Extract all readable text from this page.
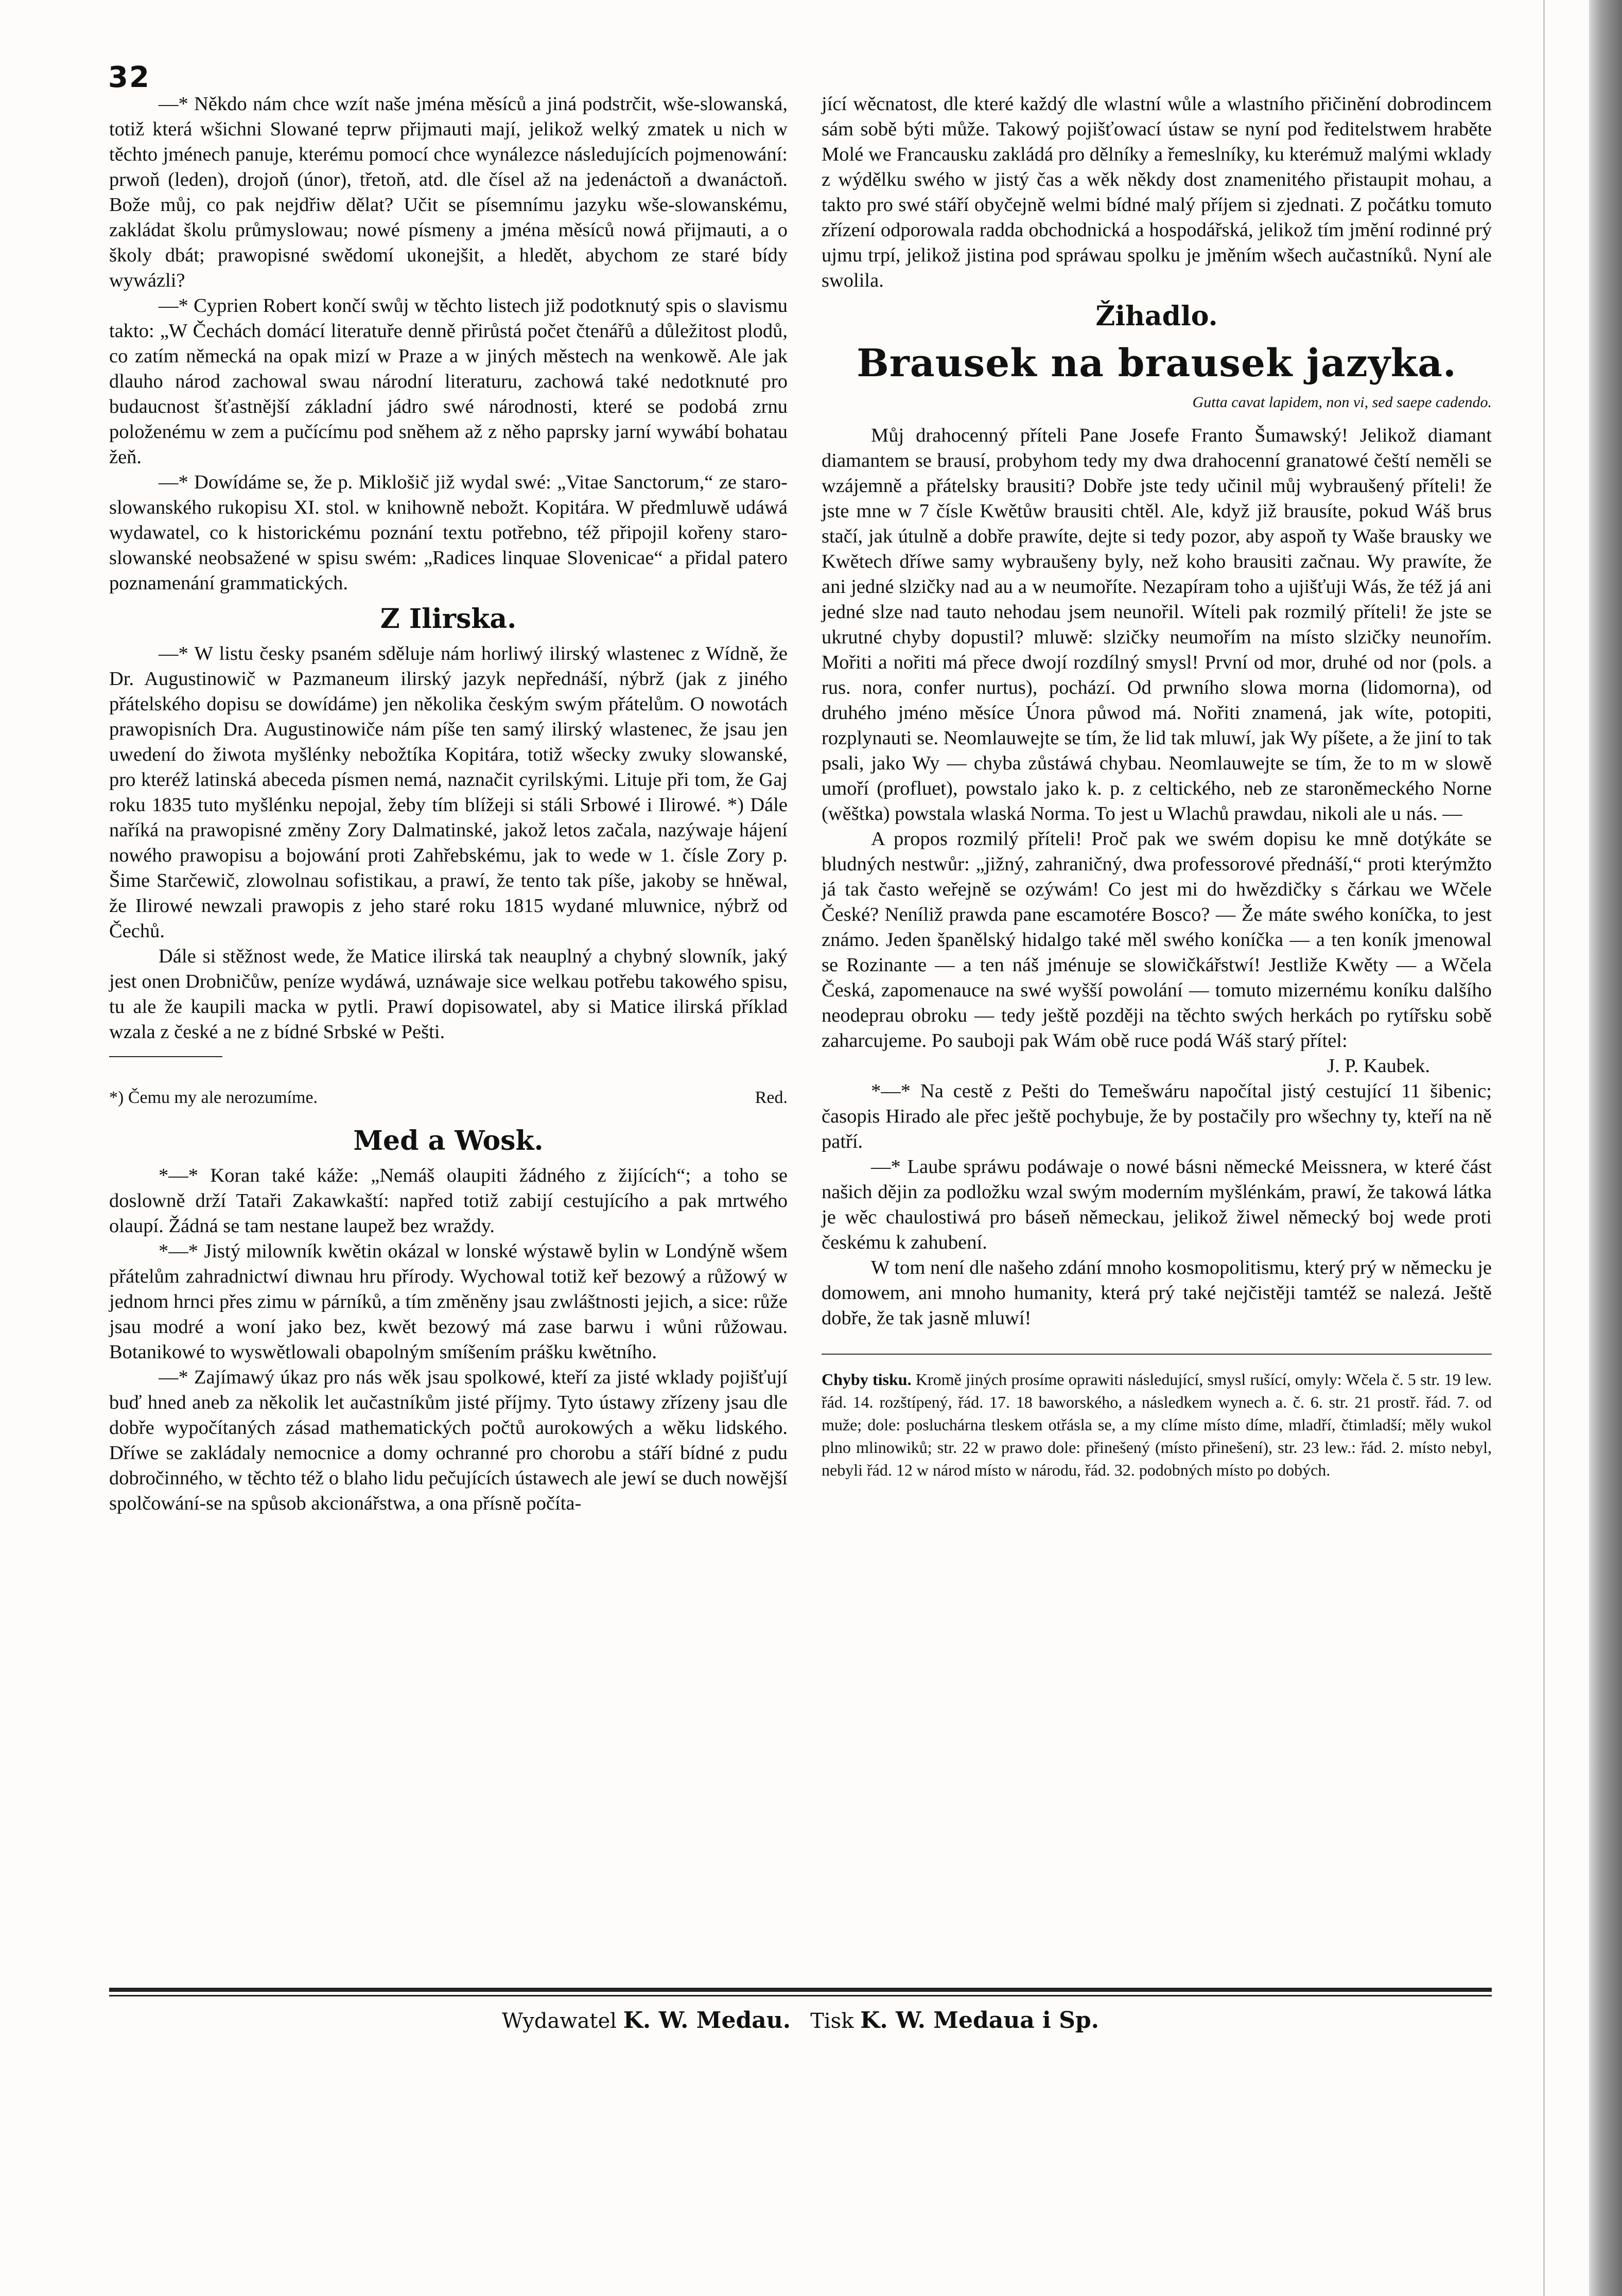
32

—* Někdo nám chce wzít naše jména měsíců a jiná podstrčit, wše-slowanská, totiž která wšichni Slowané teprw přijmauti mají, jelikož welký zmatek u nich w těchto jménech panuje, kterému pomocí chce wynálezce následujících pojmenowání: prwoň (leden), drojoň (únor), třetoň, atd. dle čísel až na jedenáctoň a dwanáctoň. Bože můj, co pak nejdřiw dělat? Učit se písemnímu jazyku wše-slowanskému, zakládat školu průmyslowau; nowé písmeny a jména měsíců nowá přijmauti, a o školy dbát; prawopisné swědomí ukonejšit, a hledět, abychom ze staré bídy wywázli?

—* Cyprien Robert končí swůj w těchto listech již podotknutý spis o slavismu takto: „W Čechách domácí literatuře denně přirůstá počet čtenářů a důležitost plodů, co zatím německá na opak mizí w Praze a w jiných městech na wenkowě. Ale jak dlauho národ zachowal swau národní literaturu, zachowá také nedotknuté pro budaucnost šťastnější základní jádro swé národnosti, které se podobá zrnu položenému w zem a pučícímu pod sněhem až z něho paprsky jarní wywábí bohatau žeň.

—* Dowídáme se, že p. Miklošič již wydal swé: „Vitae Sanctorum,“ ze staro-slowanského rukopisu XI. stol. w knihowně nebožt. Kopitára. W předmluwě udáwá wydawatel, co k historickému poznání textu potřebno, též připojil kořeny staro-slowanské neobsažené w spisu swém: „Radices linquae Slovenicae“ a přidal patero poznamenání grammatických.

Z Ilirska.

—* W listu česky psaném sděluje nám horliwý ilirský wlastenec z Wídně, že Dr. Augustinowič w Pazmaneum ilirský jazyk nepřednáší, nýbrž (jak z jiného přátelského dopisu se dowídáme) jen několika českým swým přátelům. O nowotách prawopisních Dra. Augustinowiče nám píše ten samý ilirský wlastenec, že jsau jen uwedení do žiwota myšlénky nebožtíka Kopitára, totiž wšecky zwuky slowanské, pro kteréž latinská abeceda písmen nemá, naznačit cyrilskými. Lituje při tom, že Gaj roku 1835 tuto myšlénku nepojal, žeby tím blížeji si stáli Srbowé i Ilirowé. *) Dále naříká na prawopisné změny Zory Dalmatinské, jakož letos začala, nazýwaje hájení nowého prawopisu a bojowání proti Zahřebskému, jak to wede w 1. čísle Zory p. Šime Starčewič, zlowolnau sofistikau, a prawí, že tento tak píše, jakoby se hněwal, že Ilirowé newzali prawopis z jeho staré roku 1815 wydané mluwnice, nýbrž od Čechů.

Dále si stěžnost wede, že Matice ilirská tak neauplný a chybný slowník, jaký jest onen Drobničůw, peníze wydáwá, uznáwaje sice welkau potřebu takowého spisu, tu ale že kaupili macka w pytli. Prawí dopisowatel, aby si Matice ilirská příklad wzala z české a ne z bídné Srbské w Pešti.

*) Čemu my ale nerozumíme.	Red.
Med a Wosk.

*—* Koran také káže: „Nemáš olaupiti žádného z žijících“; a toho se doslowně drží Tataři Zakawkaští: napřed totiž zabijí cestujícího a pak mrtwého olaupí. Žádná se tam nestane laupež bez wraždy.

*—* Jistý milowník kwětin okázal w lonské wýstawě bylin w Londýně wšem přátelům zahradnictwí diwnau hru přírody. Wychowal totiž keř bezowý a růžowý w jednom hrnci přes zimu w párníků, a tím změněny jsau zwláštnosti jejich, a sice: růže jsau modré a woní jako bez, kwět bezowý má zase barwu i wůni růžowau. Botanikowé to wyswětlowali obapolným smíšením prášku kwětního.

—* Zajímawý úkaz pro nás wěk jsau spolkowé, kteří za jisté wklady pojišťují buď hned aneb za několik let aučastníkům jisté příjmy. Tyto ústawy zřízeny jsau dle dobře wypočítaných zásad mathematických počtů aurokowých a wěku lidského. Dříwe se zakládaly nemocnice a domy ochranné pro chorobu a stáří bídné z pudu dobročinného, w těchto též o blaho lidu pečujících ústawech ale jewí se duch nowější spolčowání-se na spůsob akcionářstwa, a ona přísně počíta-

jící wěcnatost, dle které každý dle wlastní wůle a wlastního přičinění dobrodincem sám sobě býti může. Takowý pojišťowací ústaw se nyní pod ředitelstwem hraběte Molé we Francausku zakládá pro dělníky a řemeslníky, ku kterémuž malými wklady z wýdělku swého w jistý čas a wěk někdy dost znamenitého přistaupit mohau, a takto pro swé stáří obyčejně welmi bídné malý příjem si zjednati. Z počátku tomuto zřízení odporowala radda obchodnická a hospodářská, jelikož tím jmění rodinné prý ujmu trpí, jelikož jistina pod spráwau spolku je jměním wšech aučastníků. Nyní ale swolila.

Žihadlo.
Brausek na brausek jazyka.
Gutta cavat lapidem, non vi, sed saepe cadendo.

Můj drahocenný příteli Pane Josefe Franto Šumawský! Jelikož diamant diamantem se brausí, probyhom tedy my dwa drahocenní granatowé čeští neměli se wzájemně a přátelsky brausiti? Dobře jste tedy učinil můj wybraušený příteli! že jste mne w 7 čísle Kwětůw brausiti chtěl. Ale, když již brausíte, pokud Wáš brus stačí, jak útulně a dobře prawíte, dejte si tedy pozor, aby aspoň ty Waše brausky we Kwětech dříwe samy wybraušeny byly, než koho brausiti začnau. Wy prawíte, že ani jedné slzičky nad au a w neumoříte. Nezapíram toho a ujišťuji Wás, že též já ani jedné slze nad tauto nehodau jsem neunořil. Wíteli pak rozmilý příteli! že jste se ukrutné chyby dopustil? mluwě: slzičky neumořím na místo slzičky neunořím. Mořiti a nořiti má přece dwojí rozdílný smysl! První od mor, druhé od nor (pols. a rus. nora, confer nurtus), pochází. Od prwního slowa morna (lidomorna), od druhého jméno měsíce Února půwod má. Nořiti znamená, jak wíte, potopiti, rozplynauti se. Neomlauwejte se tím, že lid tak mluwí, jak Wy píšete, a že jiní to tak psali, jako Wy — chyba zůstáwá chybau. Neomlauwejte se tím, že to m w slowě umoří (profluet), powstalo jako k. p. z celtického, neb ze staroněmeckého Norne (wěštka) powstala wlaská Norma. To jest u Wlachů prawdau, nikoli ale u nás. —

A propos rozmilý příteli! Proč pak we swém dopisu ke mně dotýkáte se bludných nestwůr: „jižný, zahraničný, dwa professorové přednáší,“ proti kterýmžto já tak často weřejně se ozýwám! Co jest mi do hwězdičky s čárkau we Wčele České? Neníliž prawda pane escamotére Bosco? — Že máte swého koníčka, to jest známo. Jeden španělský hidalgo také měl swého koníčka — a ten koník jmenowal se Rozinante — a ten náš jménuje se slowičkářstwí! Jestliže Kwěty — a Wčela Česká, zapomenauce na swé wyšší powolání — tomuto mizernému koníku dalšího neodeprau obroku — tedy ještě později na těchto swých herkách po rytířsku sobě zaharcujeme. Po sauboji pak Wám obě ruce podá Wáš starý přítel:

J. P. Kaubek.

*—* Na cestě z Pešti do Temešwáru napočítal jistý cestující 11 šibenic; časopis Hirado ale přec ještě pochybuje, že by postačily pro wšechny ty, kteří na ně patří.

—* Laube spráwu podáwaje o nowé básni německé Meissnera, w které část našich dějin za podložku wzal swým moderním myšlénkám, prawí, že takowá látka je wěc chaulostiwá pro báseň německau, jelikož žiwel německý boj wede proti českému k zahubení.

W tom není dle našeho zdání mnoho kosmopolitismu, který prý w německu je domowem, ani mnoho humanity, která prý také nejčistěji tamtéž se nalezá. Ještě dobře, že tak jasně mluwí!

Chyby tisku. Kromě jiných prosíme oprawiti následující, smysl rušící, omyly: Wčela č. 5 str. 19 lew. řád. 14. rozštípený, řád. 17. 18 baworského, a následkem wynech a. č. 6. str. 21 prostř. řád. 7. od muže; dole: posluchárna tleskem otřásla se, a my clíme místo díme, mladří, čtimladší; měly wukol plno mlinowiků; str. 22 w prawo dole: přinešený (místo přinešení), str. 23 lew.: řád. 2. místo nebyl, nebyli řád. 12 w národ místo w národu, řád. 32. podobných místo po dobých.
Wydawatel K. W. Medau. Tisk K. W. Medaua i Sp.
